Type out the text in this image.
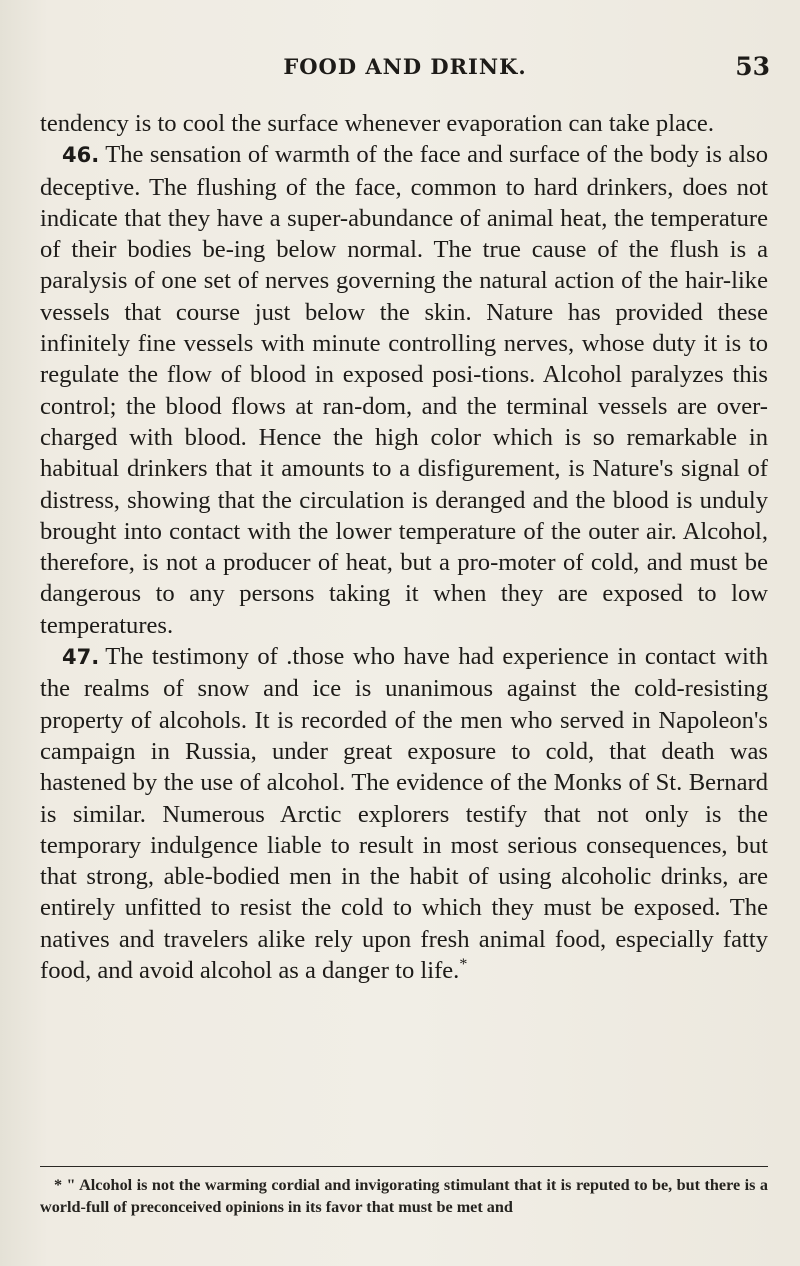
FOOD AND DRINK.	53

tendency is to cool the surface whenever evaporation can take place.

46. The sensation of warmth of the face and surface of the body is also deceptive. The flushing of the face, common to hard drinkers, does not indicate that they have a super-abundance of animal heat, the temperature of their bodies be-ing below normal. The true cause of the flush is a paralysis of one set of nerves governing the natural action of the hair-like vessels that course just below the skin. Nature has provided these infinitely fine vessels with minute controlling nerves, whose duty it is to regulate the flow of blood in exposed posi-tions. Alcohol paralyzes this control; the blood flows at ran-dom, and the terminal vessels are over-charged with blood. Hence the high color which is so remarkable in habitual drinkers that it amounts to a disfigurement, is Nature's signal of distress, showing that the circulation is deranged and the blood is unduly brought into contact with the lower temperature of the outer air. Alcohol, therefore, is not a producer of heat, but a pro-moter of cold, and must be dangerous to any persons taking it when they are exposed to low temperatures.

47. The testimony of .those who have had experience in contact with the realms of snow and ice is unanimous against the cold-resisting property of alcohols. It is recorded of the men who served in Napoleon's campaign in Russia, under great exposure to cold, that death was hastened by the use of alcohol. The evidence of the Monks of St. Bernard is similar. Numerous Arctic explorers testify that not only is the temporary indulgence liable to result in most serious consequences, but that strong, able-bodied men in the habit of using alcoholic drinks, are entirely unfitted to resist the cold to which they must be exposed. The natives and travelers alike rely upon fresh animal food, especially fatty food, and avoid alcohol as a danger to life.*

* " Alcohol is not the warming cordial and invigorating stimulant that it is reputed to be, but there is a world-full of preconceived opinions in its favor that must be met and
